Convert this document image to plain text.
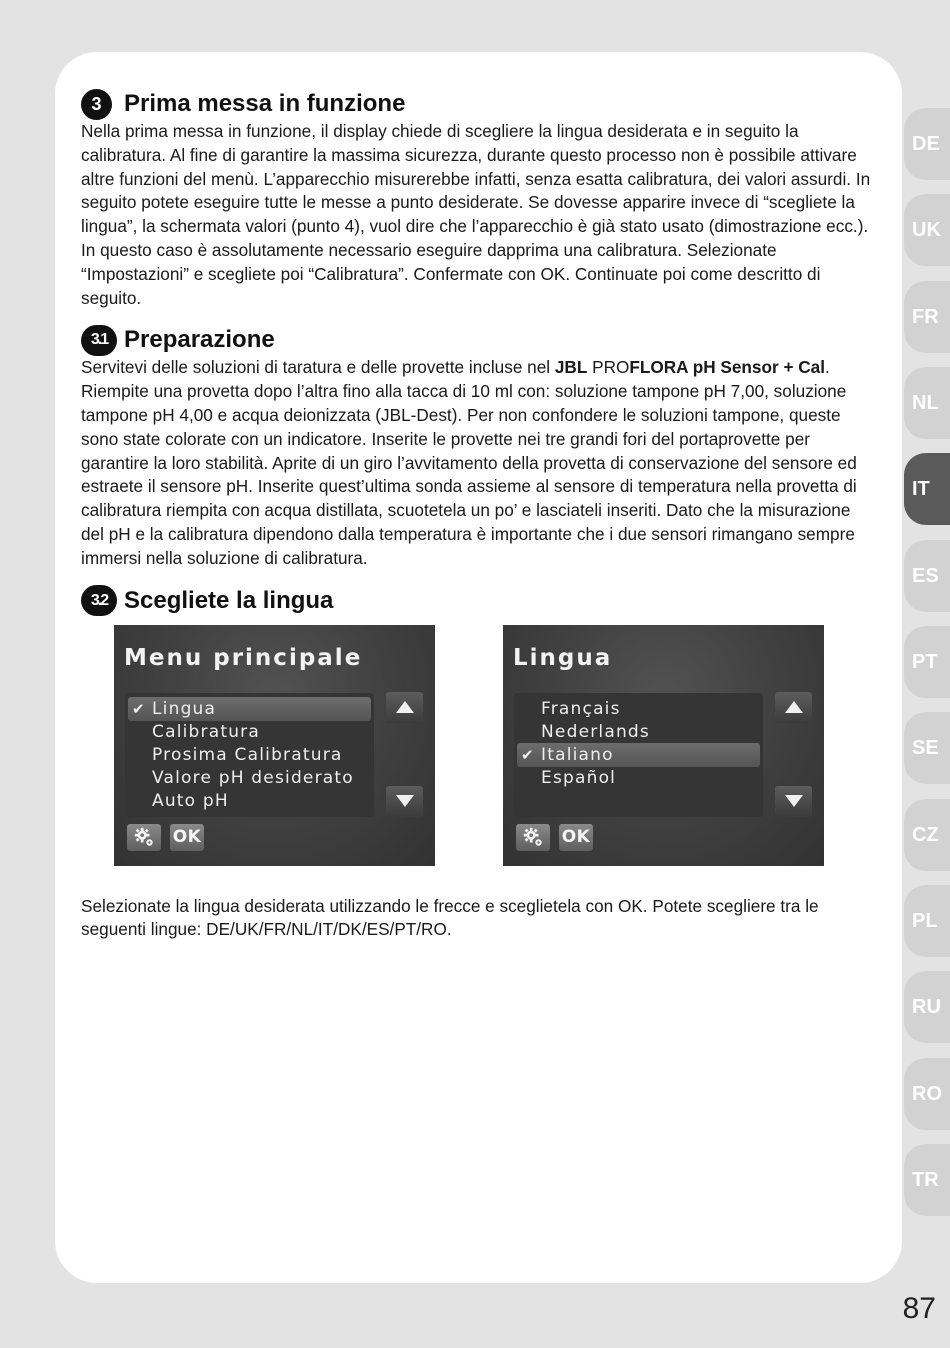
3 Prima messa in funzione

Nella prima messa in funzione, il display chiede di scegliere la lingua desiderata e in seguito la calibratura. Al fine di garantire la massima sicurezza, durante questo processo non è possibile attivare altre funzioni del menù. L’apparecchio misurerebbe infatti, senza esatta calibratura, dei valori assurdi. In seguito potete eseguire tutte le messe a punto desiderate. Se dovesse apparire invece di “scegliete la lingua”, la schermata valori (punto 4), vuol dire che l’apparecchio è già stato usato (dimostrazione ecc.). In questo caso è assolutamente necessario eseguire dapprima una calibratura. Selezionate “Impostazioni” e scegliete poi “Calibratura”. Confermate con OK. Continuate poi come descritto di seguito.

3.1 Preparazione

Servitevi delle soluzioni di taratura e delle provette incluse nel JBL PROFLORA pH Sensor + Cal. Riempite una provetta dopo l’altra fino alla tacca di 10 ml con: soluzione tampone pH 7,00, soluzione tampone pH 4,00 e acqua deionizzata (JBL-Dest). Per non confondere le soluzioni tampone, queste sono state colorate con un indicatore. Inserite le provette nei tre grandi fori del portaprovette per garantire la loro stabilità. Aprite di un giro l’avvitamento della provetta di conservazione del sensore ed estraete il sensore pH. Inserite quest’ultima sonda assieme al sensore di temperatura nella provetta di calibratura riempita con acqua distillata, scuotetela un po’ e lasciateli inseriti. Dato che la misurazione del pH e la calibratura dipendono dalla temperatura è importante che i due sensori rimangano sempre immersi nella soluzione di calibratura.

3.2 Scegliete la lingua
Menu principale
✔ Lingua
Calibratura
Prosima Calibratura
Valore pH desiderato
Auto pH
OK
Lingua
Français
Nederlands
✔ Italiano
Español
OK

Selezionate la lingua desiderata utilizzando le frecce e sceglietela con OK. Potete scegliere tra le seguenti lingue: DE/UK/FR/NL/IT/DK/ES/PT/RO.

DE
UK
FR
NL
IT
ES
PT
SE
CZ
PL
RU
RO
TR
87
